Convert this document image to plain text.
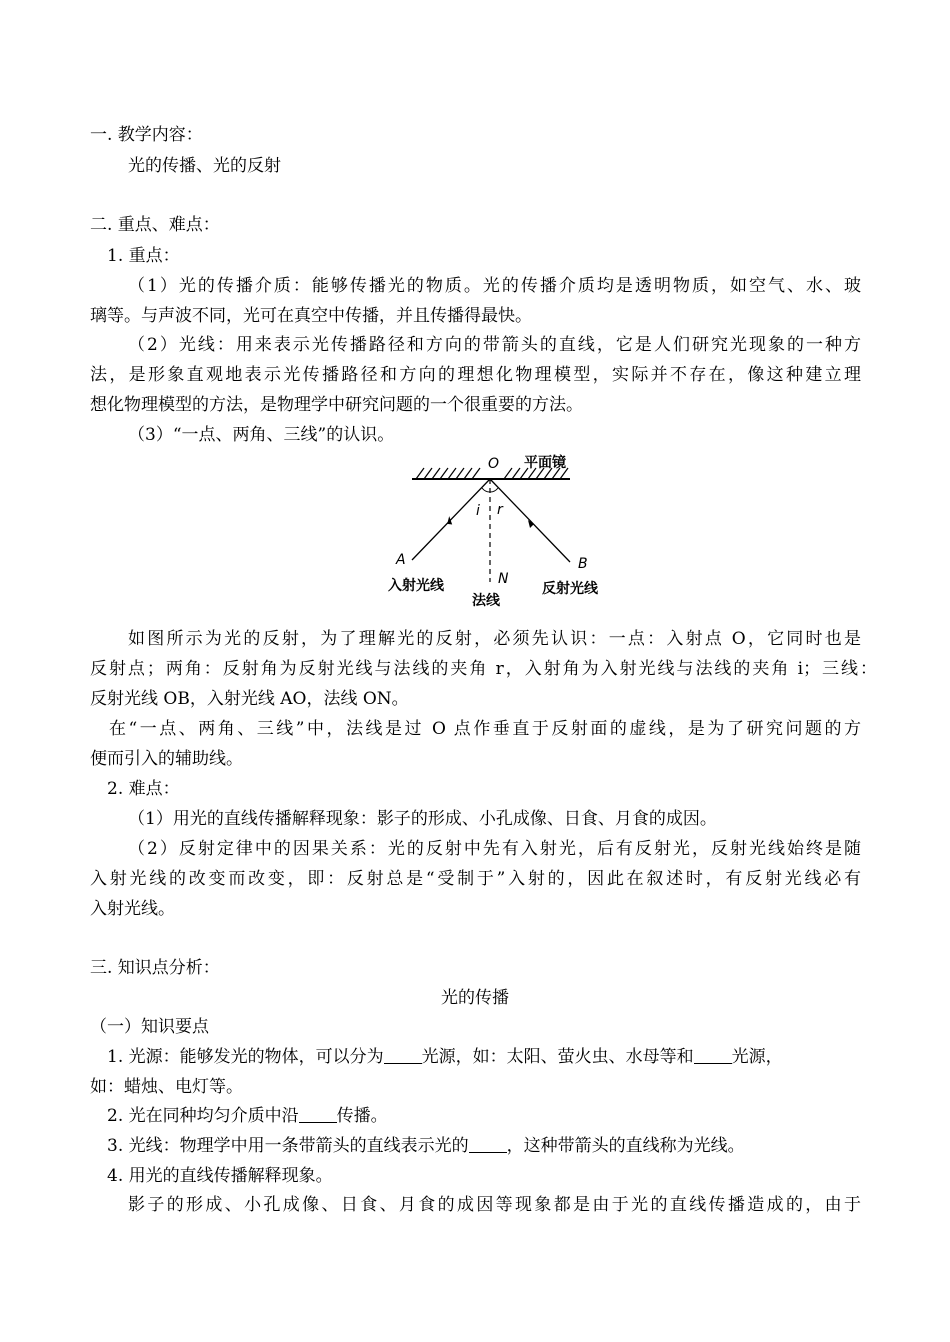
一. 教学内容：
光的传播、光的反射
二. 重点、难点：
1. 重点：
（1）光的传播介质：能够传播光的物质。光的传播介质均是透明物质，如空气、水、玻
璃等。与声波不同，光可在真空中传播，并且传播得最快。
（2）光线：用来表示光传播路径和方向的带箭头的直线，它是人们研究光现象的一种方
法，是形象直观地表示光传播路径和方向的理想化物理模型，实际并不存在，像这种建立理
想化物理模型的方法，是物理学中研究问题的一个很重要的方法。
（3）“一点、两角、三线”的认识。
O 平面镜
i r
A	B
N
入射光线	反射光线
法线
如图所示为光的反射，为了理解光的反射，必须先认识：一点：入射点 O，它同时也是
反射点；两角：反射角为反射光线与法线的夹角 r，入射角为入射光线与法线的夹角 i；三线：
反射光线 OB，入射光线 AO，法线 ON。
在“一点、两角、三线”中，法线是过 O 点作垂直于反射面的虚线，是为了研究问题的方
便而引入的辅助线。
2. 难点：
（1）用光的直线传播解释现象：影子的形成、小孔成像、日食、月食的成因。
（2）反射定律中的因果关系：光的反射中先有入射光，后有反射光，反射光线始终是随
入射光线的改变而改变，即：反射总是“受制于”入射的，因此在叙述时，有反射光线必有
入射光线。
三. 知识点分析：
光的传播
（一）知识要点
1. 光源：能够发光的物体，可以分为 光源，如：太阳、萤火虫、水母等和 光源，
如：蜡烛、电灯等。
2. 光在同种均匀介质中沿 传播。
3. 光线：物理学中用一条带箭头的直线表示光的 ，这种带箭头的直线称为光线。
4. 用光的直线传播解释现象。
影子的形成、小孔成像、日食、月食的成因等现象都是由于光的直线传播造成的，由于
